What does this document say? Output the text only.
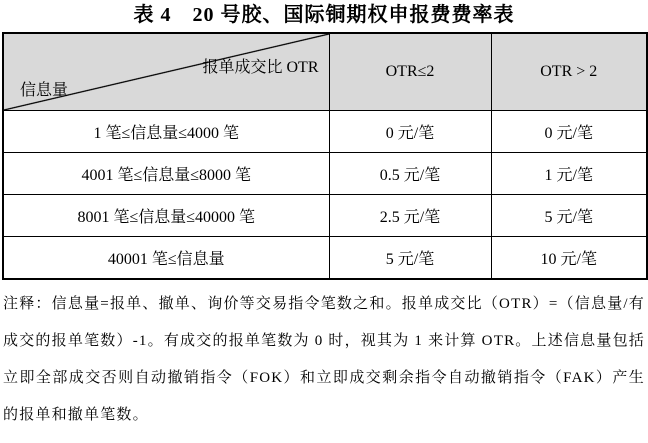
表 4　20 号胶、国际铜期权申报费费率表
报单成交比 OTR
信息量	OTR≤2	OTR > 2
1 笔≤信息量≤4000 笔	0 元/笔	0 元/笔
4001 笔≤信息量≤8000 笔	0.5 元/笔	1 元/笔
8001 笔≤信息量≤40000 笔	2.5 元/笔	5 元/笔
40001 笔≤信息量	5 元/笔	10 元/笔
注释：信息量=报单、撤单、询价等交易指令笔数之和。报单成交比（OTR）=（信息量/有成交的报单笔数）-1。有成交的报单笔数为 0 时，视其为 1 来计算 OTR。上述信息量包括立即全部成交否则自动撤销指令（FOK）和立即成交剩余指令自动撤销指令（FAK）产生的报单和撤单笔数。
